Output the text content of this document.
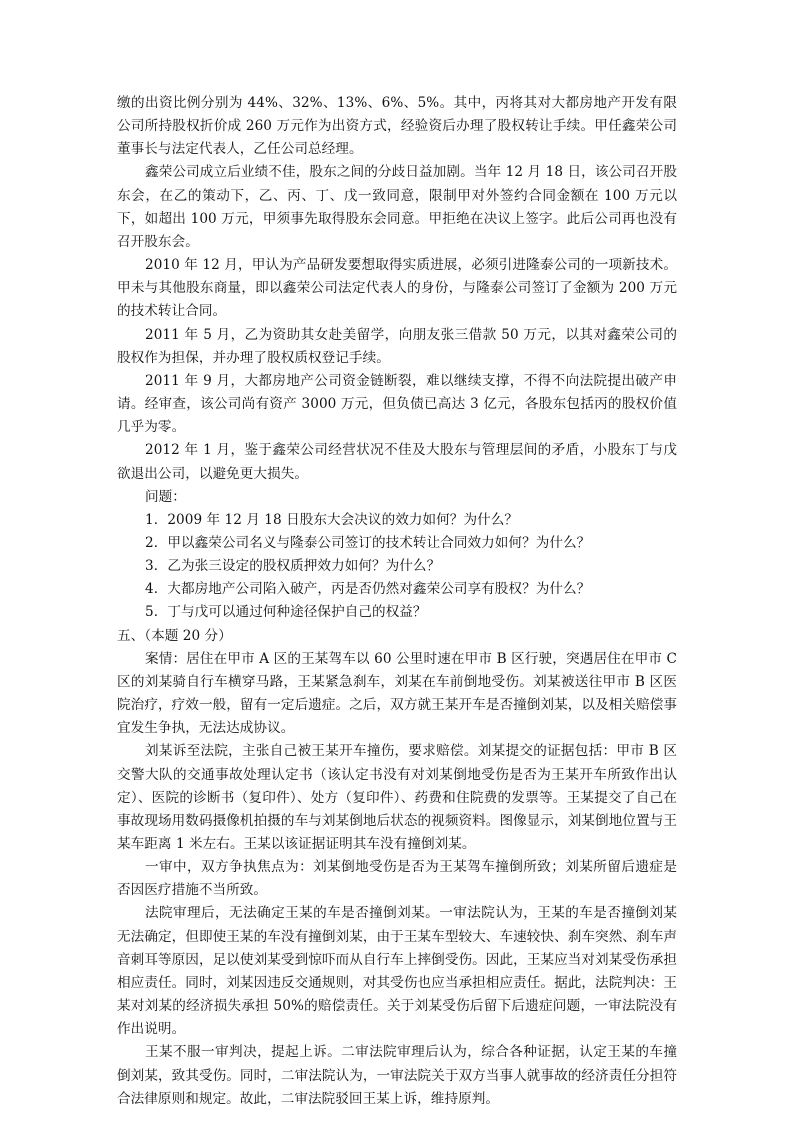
缴的出资比例分别为 44%、32%、13%、6%、5%。其中，丙将其对大都房地产开发有限公司所持股权折价成 260 万元作为出资方式，经验资后办理了股权转让手续。甲任鑫荣公司董事长与法定代表人，乙任公司总经理。

鑫荣公司成立后业绩不佳，股东之间的分歧日益加剧。当年 12 月 18 日，该公司召开股东会，在乙的策动下，乙、丙、丁、戊一致同意，限制甲对外签约合同金额在 100 万元以下，如超出 100 万元，甲须事先取得股东会同意。甲拒绝在决议上签字。此后公司再也没有召开股东会。

2010 年 12 月，甲认为产品研发要想取得实质进展，必须引进隆泰公司的一项新技术。甲未与其他股东商量，即以鑫荣公司法定代表人的身份，与隆泰公司签订了金额为 200 万元的技术转让合同。

2011 年 5 月，乙为资助其女赴美留学，向朋友张三借款 50 万元，以其对鑫荣公司的股权作为担保，并办理了股权质权登记手续。

2011 年 9 月，大都房地产公司资金链断裂，难以继续支撑，不得不向法院提出破产申请。经审查，该公司尚有资产 3000 万元，但负债已高达 3 亿元，各股东包括丙的股权价值几乎为零。

2012 年 1 月，鉴于鑫荣公司经营状况不佳及大股东与管理层间的矛盾，小股东丁与戊欲退出公司，以避免更大损失。

问题：

1．2009 年 12 月 18 日股东大会决议的效力如何？为什么？

2．甲以鑫荣公司名义与隆泰公司签订的技术转让合同效力如何？为什么？

3．乙为张三设定的股权质押效力如何？为什么？

4．大都房地产公司陷入破产，丙是否仍然对鑫荣公司享有股权？为什么？

5．丁与戊可以通过何种途径保护自己的权益？

五、（本题 20 分）

案情：居住在甲市 A 区的王某驾车以 60 公里时速在甲市 B 区行驶，突遇居住在甲市 C 区的刘某骑自行车横穿马路，王某紧急刹车，刘某在车前倒地受伤。刘某被送往甲市 B 区医院治疗，疗效一般，留有一定后遗症。之后，双方就王某开车是否撞倒刘某，以及相关赔偿事宜发生争执，无法达成协议。

刘某诉至法院，主张自己被王某开车撞伤，要求赔偿。刘某提交的证据包括：甲市 B 区交警大队的交通事故处理认定书（该认定书没有对刘某倒地受伤是否为王某开车所致作出认定）、医院的诊断书（复印件）、处方（复印件）、药费和住院费的发票等。王某提交了自己在事故现场用数码摄像机拍摄的车与刘某倒地后状态的视频资料。图像显示，刘某倒地位置与王某车距离 1 米左右。王某以该证据证明其车没有撞倒刘某。

一审中，双方争执焦点为：刘某倒地受伤是否为王某驾车撞倒所致；刘某所留后遗症是否因医疗措施不当所致。

法院审理后，无法确定王某的车是否撞倒刘某。一审法院认为，王某的车是否撞倒刘某无法确定，但即使王某的车没有撞倒刘某，由于王某车型较大、车速较快、刹车突然、刹车声音刺耳等原因，足以使刘某受到惊吓而从自行车上摔倒受伤。因此，王某应当对刘某受伤承担相应责任。同时，刘某因违反交通规则，对其受伤也应当承担相应责任。据此，法院判决：王某对刘某的经济损失承担 50%的赔偿责任。关于刘某受伤后留下后遗症问题，一审法院没有作出说明。

王某不服一审判决，提起上诉。二审法院审理后认为，综合各种证据，认定王某的车撞倒刘某，致其受伤。同时，二审法院认为，一审法院关于双方当事人就事故的经济责任分担符合法律原则和规定。故此，二审法院驳回王某上诉，维持原判。
